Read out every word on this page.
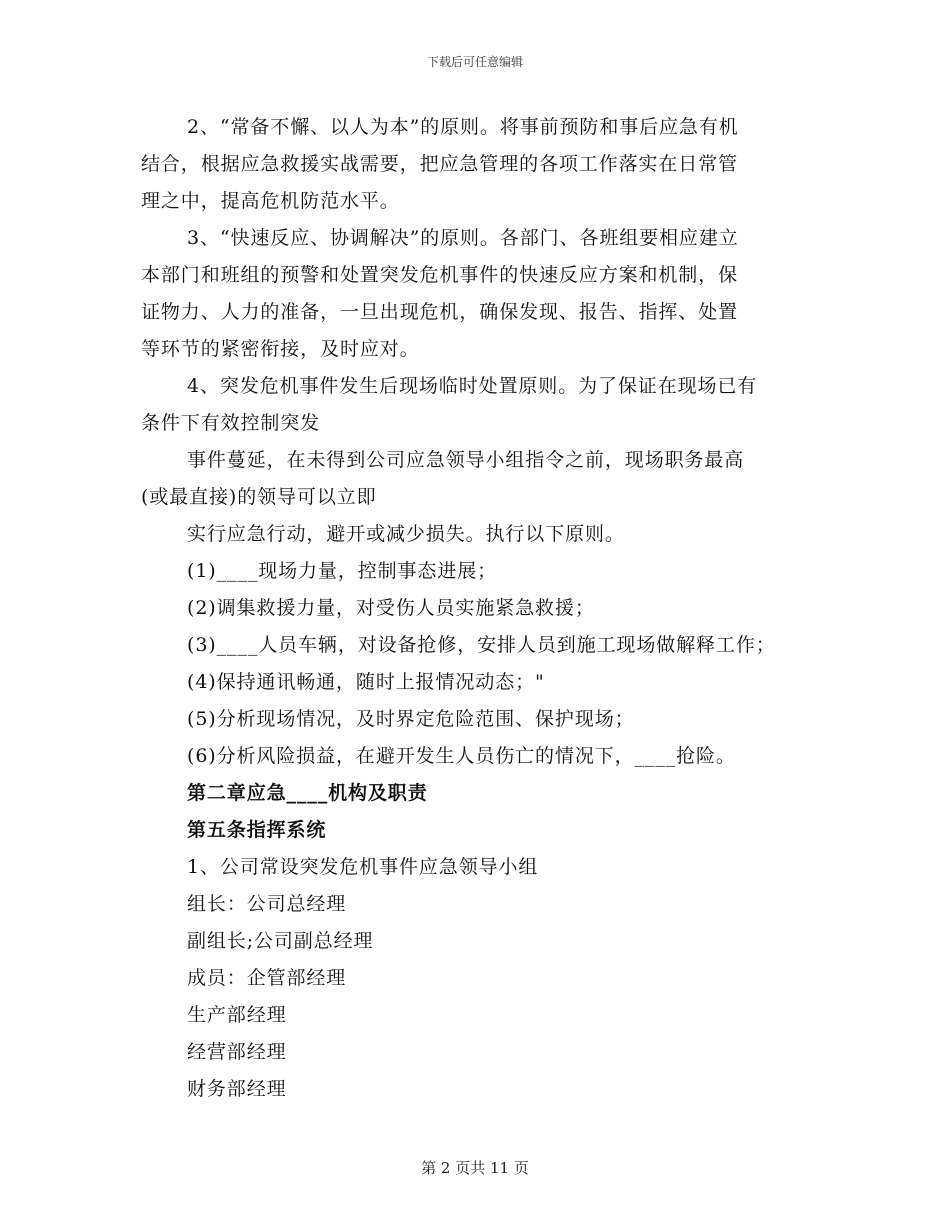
下载后可任意编辑
2、“常备不懈、以人为本”的原则。将事前预防和事后应急有机
结合，根据应急救援实战需要，把应急管理的各项工作落实在日常管
理之中，提高危机防范水平。
3、“快速反应、协调解决”的原则。各部门、各班组要相应建立
本部门和班组的预警和处置突发危机事件的快速反应方案和机制，保
证物力、人力的准备，一旦出现危机，确保发现、报告、指挥、处置
等环节的紧密衔接，及时应对。
4、突发危机事件发生后现场临时处置原则。为了保证在现场已有
条件下有效控制突发
事件蔓延，在未得到公司应急领导小组指令之前，现场职务最高
(或最直接)的领导可以立即
实行应急行动，避开或减少损失。执行以下原则。
(1)____现场力量，控制事态进展；
(2)调集救援力量，对受伤人员实施紧急救援；
(3)____人员车辆，对设备抢修，安排人员到施工现场做解释工作；
(4)保持通讯畅通，随时上报情况动态；"
(5)分析现场情况，及时界定危险范围、保护现场；
(6)分析风险损益，在避开发生人员伤亡的情况下，____抢险。
第二章应急____机构及职责
第五条指挥系统
1、公司常设突发危机事件应急领导小组
组长：公司总经理
副组长;公司副总经理
成员：企管部经理
生产部经理
经营部经理
财务部经理
第 2 页共 11 页
